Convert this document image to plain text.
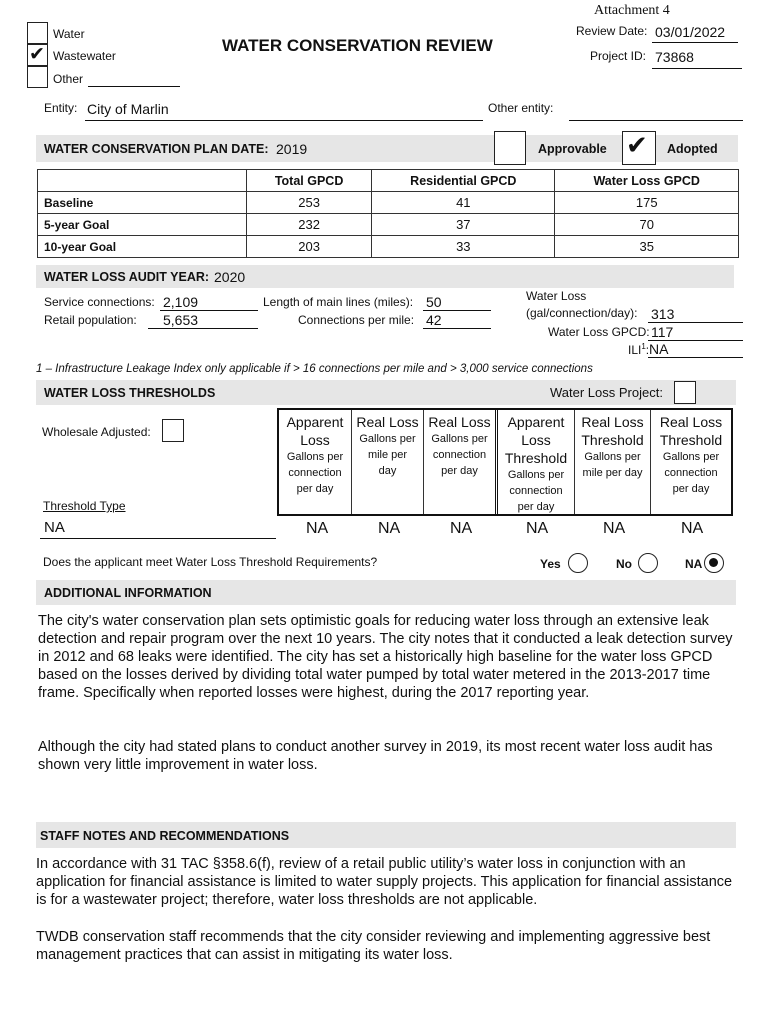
Attachment 4
Water
✔ Wastewater
Other
WATER CONSERVATION REVIEW
Review Date: 03/01/2022
Project ID: 73868
Entity: City of Marlin	Other entity:
WATER CONSERVATION PLAN DATE: 2019	Approvable ✔ Adopted
	Total GPCD	Residential GPCD	Water Loss GPCD
Baseline	253	41	175
5-year Goal	232	37	70
10-year Goal	203	33	35
WATER LOSS AUDIT YEAR: 2020
Service connections: 2,109
Retail population: 5,653
Length of main lines (miles): 50
Connections per mile: 42
Water Loss
(gal/connection/day): 313
Water Loss GPCD: 117
ILI$^1$: NA
1 – Infrastructure Leakage Index only applicable if > 16 connections per mile and > 3,000 service connections
WATER LOSS THRESHOLDS	Water Loss Project:
Wholesale Adjusted:
Threshold Type
NA
Apparent
Loss
Gallons per
connection
per day
Real Loss
Gallons per
mile per
day
Real Loss
Gallons per
connection
per day
Apparent
Loss
Threshold
Gallons per
connection
per day
Real Loss
Threshold
Gallons per
mile per day
Real Loss
Threshold
Gallons per
connection
per day
NA	NA	NA	NA	NA	NA
Does the applicant meet Water Loss Threshold Requirements?	Yes	No	NA
ADDITIONAL INFORMATION
The city's water conservation plan sets optimistic goals for reducing water loss through an extensive leak detection and repair program over the next 10 years. The city notes that it conducted a leak detection survey in 2012 and 68 leaks were identified. The city has set a historically high baseline for the water loss GPCD based on the losses derived by dividing total water pumped by total water metered in the 2013-2017 time frame. Specifically when reported losses were highest, during the 2017 reporting year.
Although the city had stated plans to conduct another survey in 2019, its most recent water loss audit has shown very little improvement in water loss.
STAFF NOTES AND RECOMMENDATIONS
In accordance with 31 TAC §358.6(f), review of a retail public utility’s water loss in conjunction with an application for financial assistance is limited to water supply projects. This application for financial assistance is for a wastewater project; therefore, water loss thresholds are not applicable.
TWDB conservation staff recommends that the city consider reviewing and implementing aggressive best management practices that can assist in mitigating its water loss.
